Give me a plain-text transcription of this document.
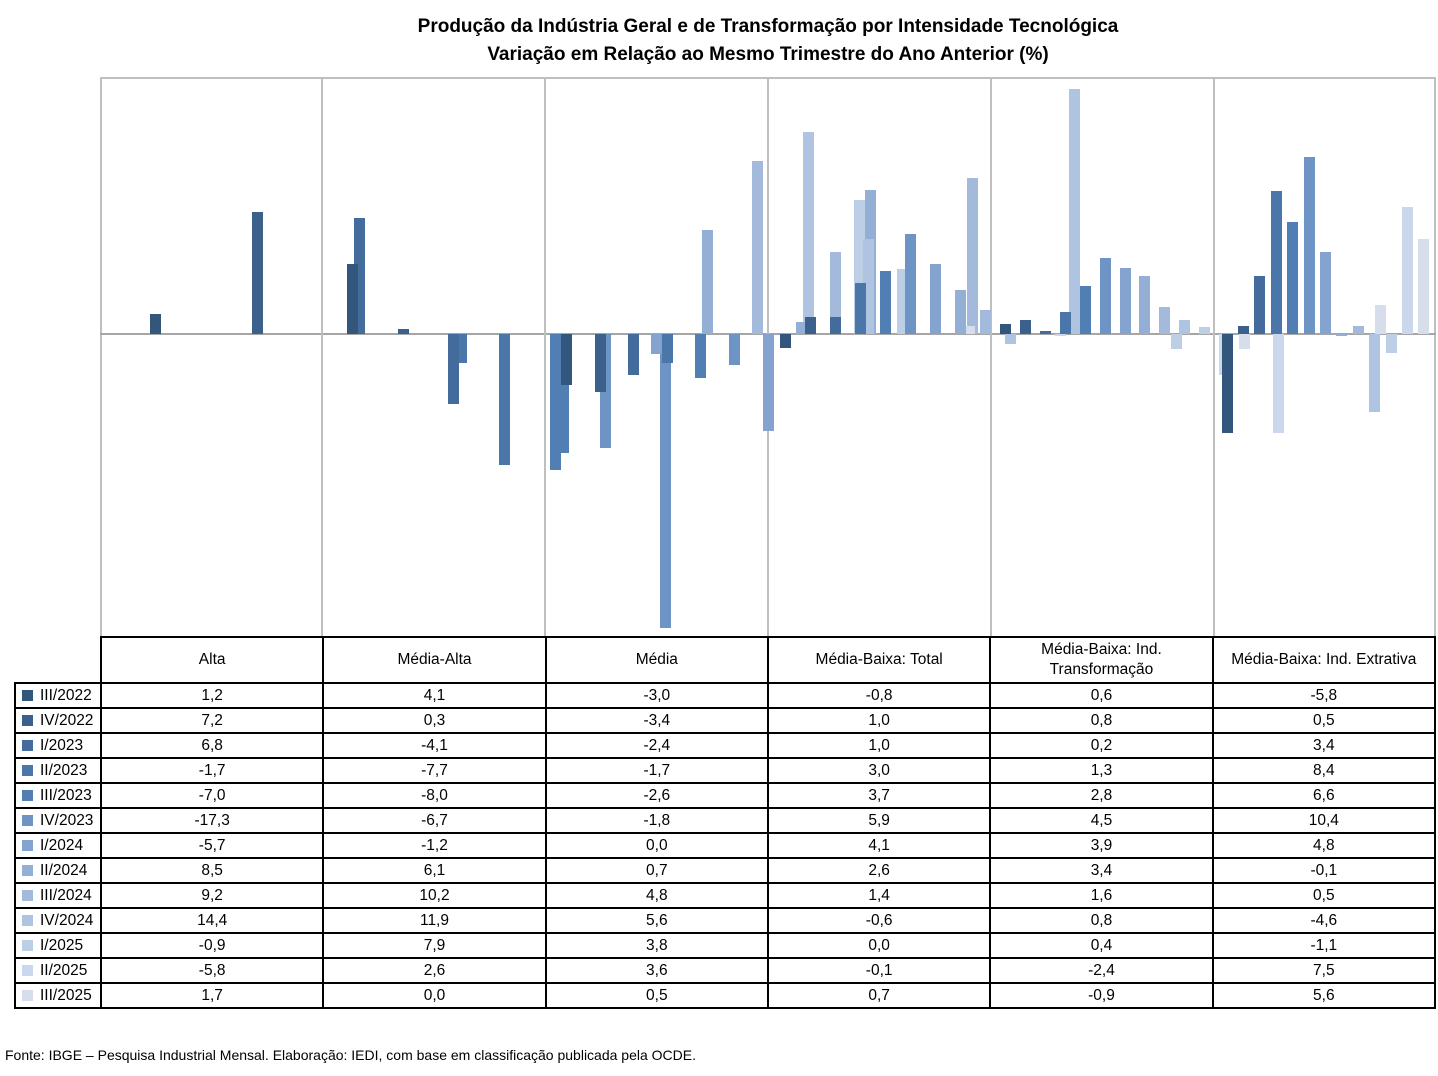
Produção da Indústria Geral e de Transformação por Intensidade Tecnológica
Variação em Relação ao Mesmo Trimestre do Ano Anterior (%)
	Alta	Média-Alta	Média	Média-Baixa: Total	Média-Baixa: Ind. Transformação	Média-Baixa: Ind. Extrativa
III/2022	1,2	4,1	-3,0	-0,8	0,6	-5,8
IV/2022	7,2	0,3	-3,4	1,0	0,8	0,5
I/2023	6,8	-4,1	-2,4	1,0	0,2	3,4
II/2023	-1,7	-7,7	-1,7	3,0	1,3	8,4
III/2023	-7,0	-8,0	-2,6	3,7	2,8	6,6
IV/2023	-17,3	-6,7	-1,8	5,9	4,5	10,4
I/2024	-5,7	-1,2	0,0	4,1	3,9	4,8
II/2024	8,5	6,1	0,7	2,6	3,4	-0,1
III/2024	9,2	10,2	4,8	1,4	1,6	0,5
IV/2024	14,4	11,9	5,6	-0,6	0,8	-4,6
I/2025	-0,9	7,9	3,8	0,0	0,4	-1,1
II/2025	-5,8	2,6	3,6	-0,1	-2,4	7,5
III/2025	1,7	0,0	0,5	0,7	-0,9	5,6
Fonte: IBGE – Pesquisa Industrial Mensal. Elaboração: IEDI, com base em classificação publicada pela OCDE.
